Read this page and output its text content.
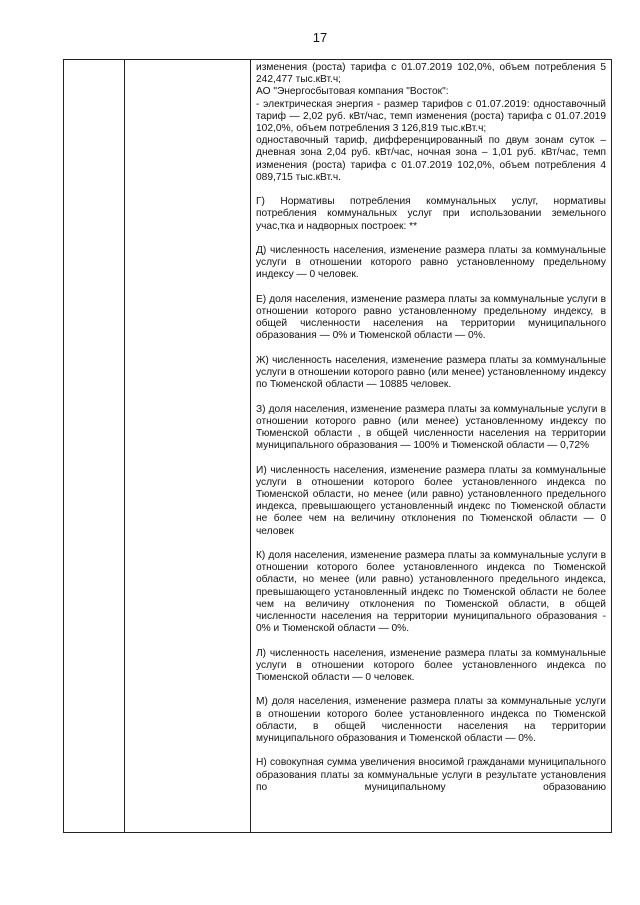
17

изменения (роста) тарифа с 01.07.2019 102,0%, объем потребления 5 242,477 тыс.кВт.ч;

АО "Энергосбытовая компания "Восток":

- электрическая энергия - размер тарифов с 01.07.2019: одноставочный тариф — 2,02 руб. кВт/час, темп изменения (роста) тарифа с 01.07.2019 102,0%, объем потребления 3 126,819 тыс.кВт.ч;

одноставочный тариф, дифференцированный по двум зонам суток – дневная зона 2,04 руб. кВт/час, ночная зона – 1,01 руб. кВт/час, темп изменения (роста) тарифа с 01.07.2019 102,0%, объем потребления 4 089,715 тыс.кВт.ч.

Г) Нормативы потребления коммунальных услуг, нормативы потребления коммунальных услуг при использовании земельного учас,тка и надворных построек: **

Д) численность населения, изменение размера платы за коммунальные услуги в отношении которого равно установленному предельному индексу — 0 человек.

Е) доля населения, изменение размера платы за коммунальные услуги в отношении которого равно установленному предельному индексу, в общей численности населения на территории муниципального образования — 0% и Тюменской области — 0%.

Ж) численность населения, изменение размера платы за коммунальные услуги в отношении которого равно (или менее) установленному индексу по Тюменской области — 10885 человек.

З) доля населения, изменение размера платы за коммунальные услуги в отношении которого равно (или менее) установленному индексу по Тюменской области , в общей численности населения на территории муниципального образования — 100% и Тюменской области — 0,72%

И) численность населения, изменение размера платы за коммунальные услуги в отношении которого более установленного индекса по Тюменской области, но менее (или равно) установленного предельного индекса, превышающего установленный индекс по Тюменской области не более чем на величину отклонения по Тюменской области — 0 человек

К) доля населения, изменение размера платы за коммунальные услуги в отношении которого более установленного индекса по Тюменской области, но менее (или равно) установленного предельного индекса, превышающего установленный индекс по Тюменской области не более чем на величину отклонения по Тюменской области, в общей численности населения на территории муниципального образования - 0% и Тюменской области — 0%.

Л) численность населения, изменение размера платы за коммунальные услуги в отношении которого более установленного индекса по Тюменской области — 0 человек.

М) доля населения, изменение размера платы за коммунальные услуги в отношении которого более установленного индекса по Тюменской области, в общей численности населения на территории муниципального образования и Тюменской области — 0%.

Н) совокупная сумма увеличения вносимой гражданами муниципального образования платы за коммунальные услуги в результате установления по муниципальному образованию
